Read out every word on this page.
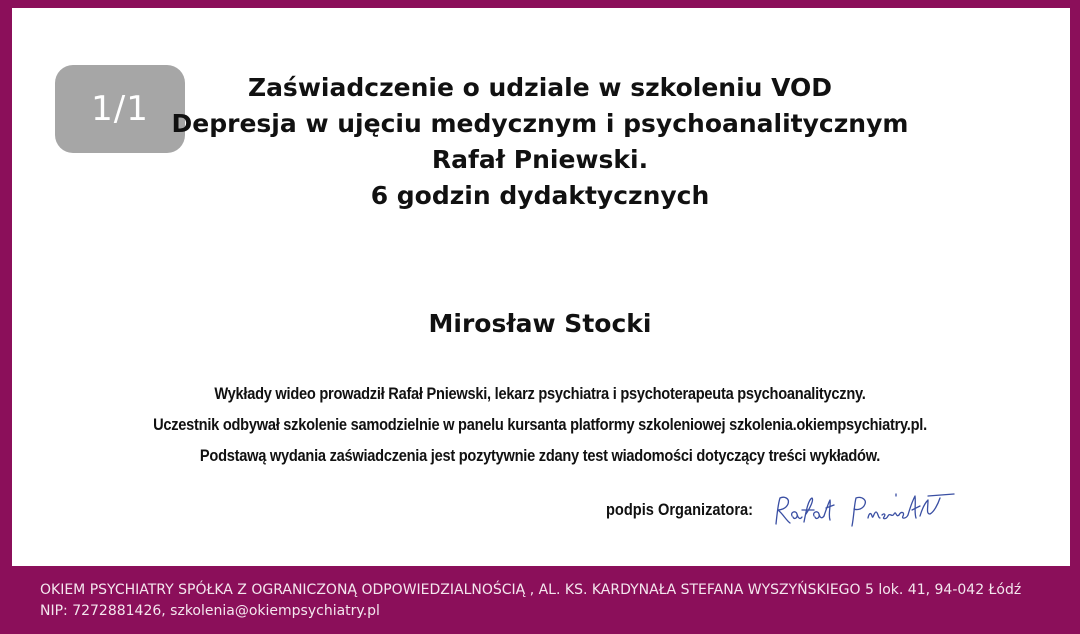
1/1
Zaświadczenie o udziale w szkoleniu VOD
Depresja w ujęciu medycznym i psychoanalitycznym
Rafał Pniewski.
6 godzin dydaktycznych
Mirosław Stocki
Wykłady wideo prowadził Rafał Pniewski, lekarz psychiatra i psychoterapeuta psychoanalityczny.
Uczestnik odbywał szkolenie samodzielnie w panelu kursanta platformy szkoleniowej szkolenia.okiempsychiatry.pl.
Podstawą wydania zaświadczenia jest pozytywnie zdany test wiadomości dotyczący treści wykładów.
podpis Organizatora:
OKIEM PSYCHIATRY SPÓŁKA Z OGRANICZONĄ ODPOWIEDZIALNOŚCIĄ , AL. KS. KARDYNAŁA STEFANA WYSZYŃSKIEGO 5 lok. 41, 94-042 Łódź
NIP: 7272881426, szkolenia@okiempsychiatry.pl
